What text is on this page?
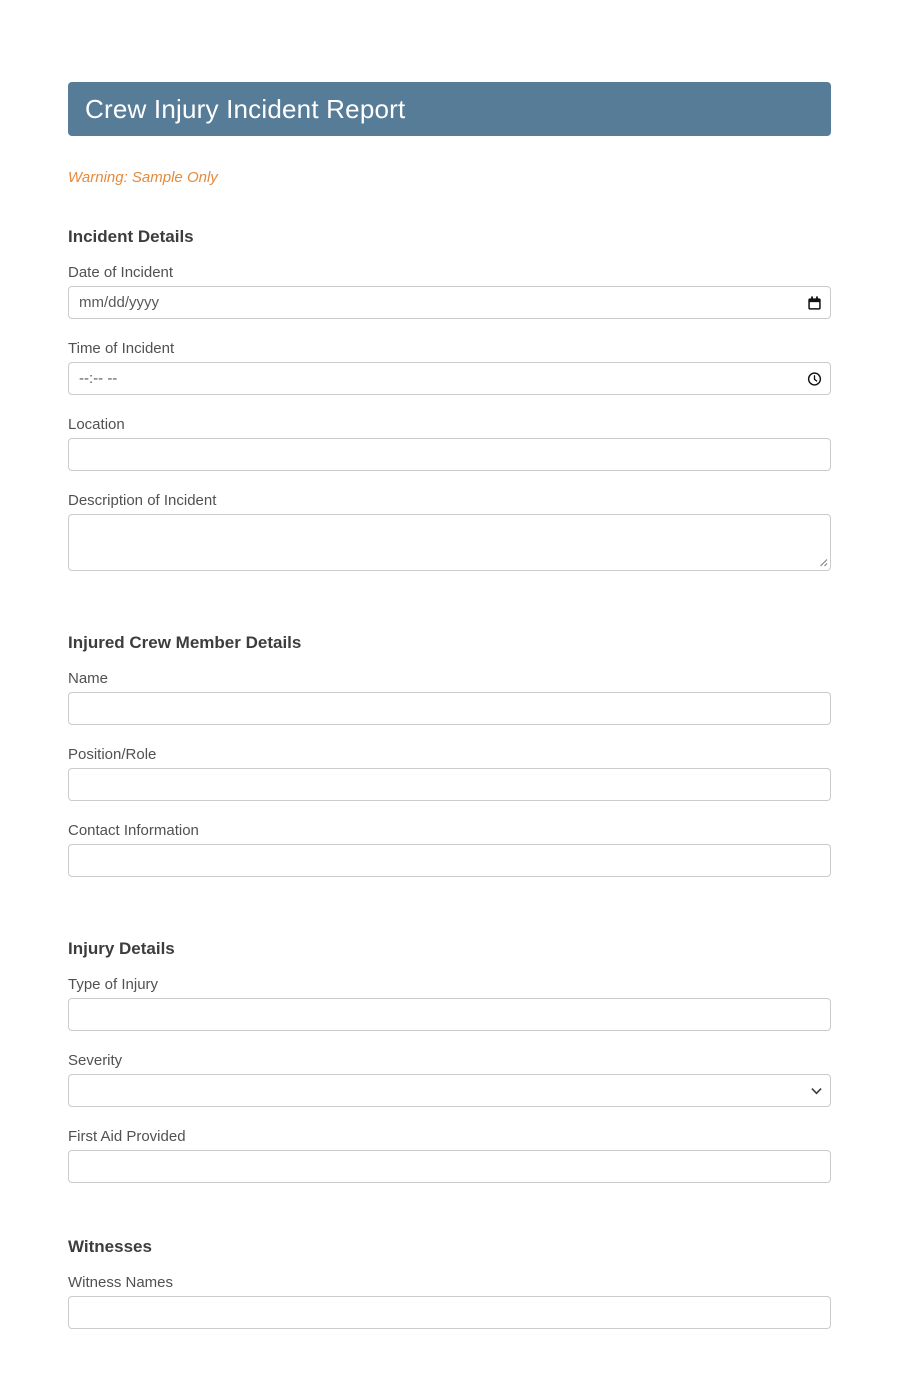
Crew Injury Incident Report
Warning: Sample Only
Incident Details
Date of Incident
mm/dd/yyyy
Time of Incident
--:-- --
Location
Description of Incident
Injured Crew Member Details
Name
Position/Role
Contact Information
Injury Details
Type of Injury
Severity
First Aid Provided
Witnesses
Witness Names
